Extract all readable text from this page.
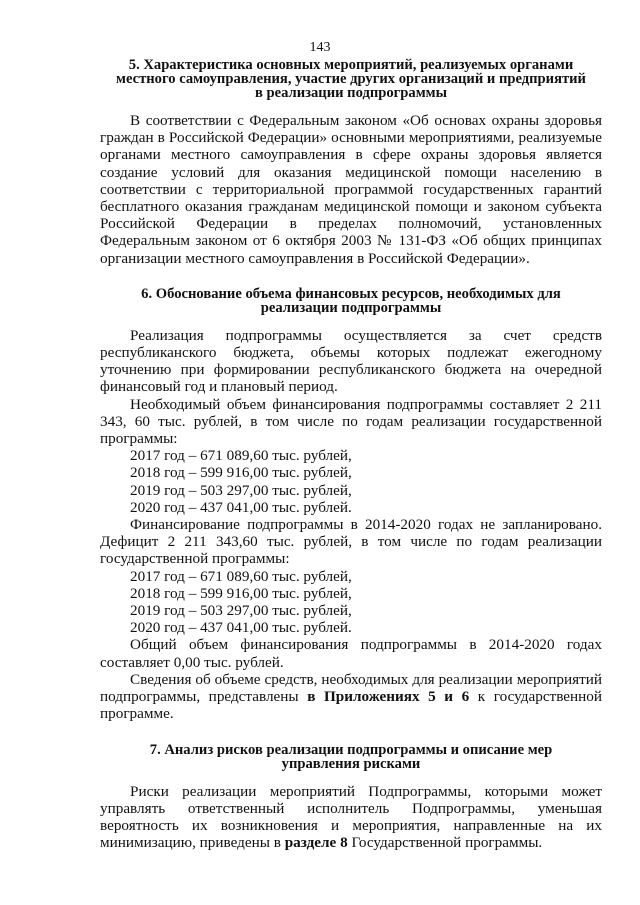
143
5. Характеристика основных мероприятий, реализуемых органами
местного самоуправления, участие других организаций и предприятий
в реализации подпрограммы

В соответствии с Федеральным законом «Об основах охраны здоровья граждан в Российской Федерации» основными мероприятиями, реализуемые органами местного самоуправления в сфере охраны здоровья является создание условий для оказания медицинской помощи населению в соответствии с территориальной программой государственных гарантий бесплатного оказания гражданам медицинской помощи и законом субъекта Российской Федерации в пределах полномочий, установленных Федеральным законом от 6 октября 2003 № 131-ФЗ «Об общих принципах организации местного самоуправления в Российской Федерации».

6. Обоснование объема финансовых ресурсов, необходимых для
реализации подпрограммы

Реализация подпрограммы осуществляется за счет средств республиканского бюджета, объемы которых подлежат ежегодному уточнению при формировании республиканского бюджета на очередной финансовый год и плановый период.

Необходимый объем финансирования подпрограммы составляет 2 211 343, 60 тыс. рублей, в том числе по годам реализации государственной программы:

2017 год – 671 089,60 тыс. рублей,
2018 год – 599 916,00 тыс. рублей,
2019 год – 503 297,00 тыс. рублей,
2020 год – 437 041,00 тыс. рублей.

Финансирование подпрограммы в 2014-2020 годах не запланировано. Дефицит 2 211 343,60 тыс. рублей, в том числе по годам реализации государственной программы:

2017 год – 671 089,60 тыс. рублей,
2018 год – 599 916,00 тыс. рублей,
2019 год – 503 297,00 тыс. рублей,
2020 год – 437 041,00 тыс. рублей.

Общий объем финансирования подпрограммы в 2014-2020 годах составляет 0,00 тыс. рублей.

Сведения об объеме средств, необходимых для реализации мероприятий подпрограммы, представлены в Приложениях 5 и 6 к государственной программе.

7. Анализ рисков реализации подпрограммы и описание мер
управления рисками

Риски реализации мероприятий Подпрограммы, которыми может управлять ответственный исполнитель Подпрограммы, уменьшая вероятность их возникновения и мероприятия, направленные на их минимизацию, приведены в разделе 8 Государственной программы.
